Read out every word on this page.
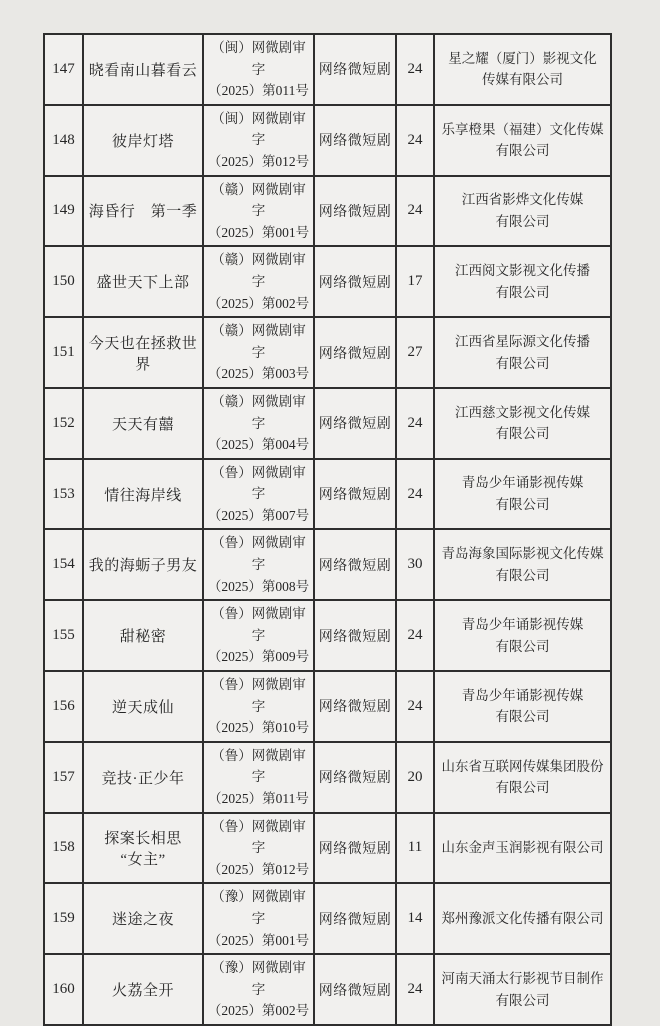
147	晓看南山暮看云

（闽）网微剧审字
（2025）第011号
	网络微短剧	24	
星之耀（厦门）影视文化
传媒有限公司

148	彼岸灯塔

（闽）网微剧审字
（2025）第012号
	网络微短剧	24	
乐享橙果（福建）文化传媒
有限公司

149	海昏行　第一季

（赣）网微剧审字
（2025）第001号
	网络微短剧	24	
江西省影烨文化传媒
有限公司

150	盛世天下上部

（赣）网微剧审字
（2025）第002号
	网络微短剧	17	
江西阅文影视文化传播
有限公司

151	
今天也在拯救世界

（赣）网微剧审字
（2025）第003号
	网络微短剧	27	
江西省星际源文化传播
有限公司

152	天天有囍

（赣）网微剧审字
（2025）第004号
	网络微短剧	24	
江西慈文影视文化传媒
有限公司

153	情往海岸线

（鲁）网微剧审字
（2025）第007号
	网络微短剧	24	
青岛少年诵影视传媒
有限公司

154	我的海蛎子男友

（鲁）网微剧审字
（2025）第008号
	网络微短剧	30	
青岛海象国际影视文化传媒
有限公司

155	甜秘密

（鲁）网微剧审字
（2025）第009号
	网络微短剧	24	
青岛少年诵影视传媒
有限公司

156	逆天成仙

（鲁）网微剧审字
（2025）第010号
	网络微短剧	24	
青岛少年诵影视传媒
有限公司

157	竞技·正少年

（鲁）网微剧审字
（2025）第011号
	网络微短剧	20	
山东省互联网传媒集团股份
有限公司

158	
探案长相思
“女主”

（鲁）网微剧审字
（2025）第012号
	网络微短剧	11	山东金声玉润影视有限公司

159	迷途之夜	（豫）网微剧审字
（2025）第001号	网络微短剧	14	郑州豫派文化传播有限公司

160	火荔全开

（豫）网微剧审字
（2025）第002号
	网络微短剧	24	
河南天涌太行影视节目制作
有限公司
